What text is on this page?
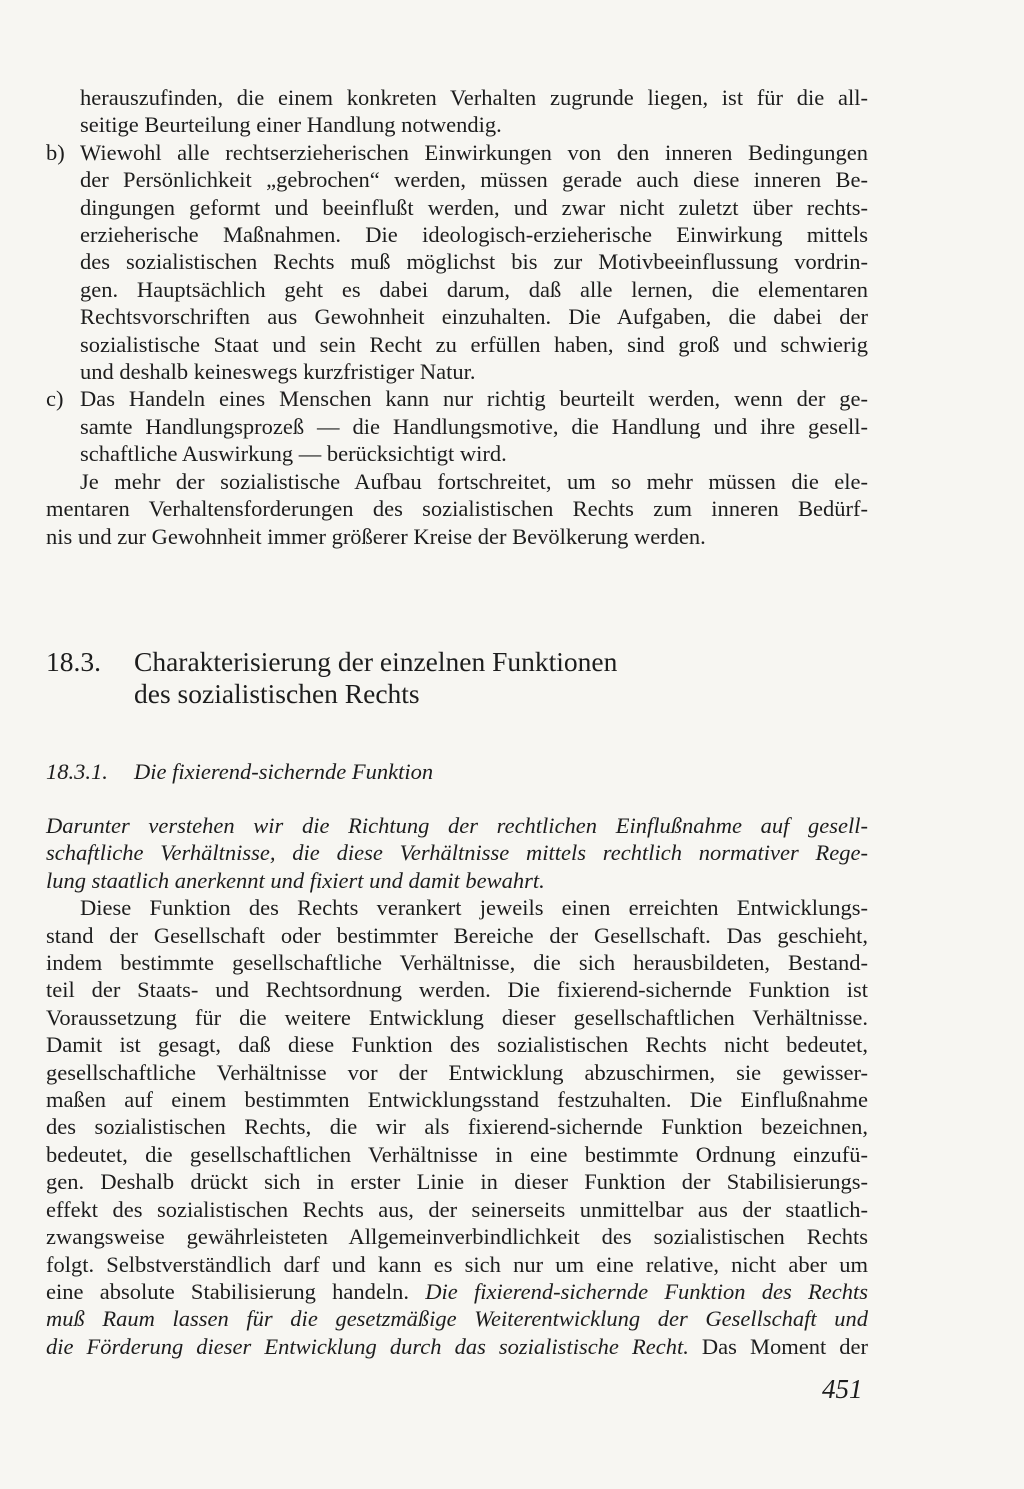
herauszufinden, die einem konkreten Verhalten zugrunde liegen, ist für die all-
seitige Beurteilung einer Handlung notwendig.
b) Wiewohl alle rechtserzieherischen Einwirkungen von den inneren Bedingungen
der Persönlichkeit „gebrochen“ werden, müssen gerade auch diese inneren Be-
dingungen geformt und beeinflußt werden, und zwar nicht zuletzt über rechts-
erzieherische Maßnahmen. Die ideologisch-erzieherische Einwirkung mittels
des sozialistischen Rechts muß möglichst bis zur Motivbeeinflussung vordrin-
gen. Hauptsächlich geht es dabei darum, daß alle lernen, die elementaren
Rechtsvorschriften aus Gewohnheit einzuhalten. Die Aufgaben, die dabei der
sozialistische Staat und sein Recht zu erfüllen haben, sind groß und schwierig
und deshalb keineswegs kurzfristiger Natur.
c) Das Handeln eines Menschen kann nur richtig beurteilt werden, wenn der ge-
samte Handlungsprozeß — die Handlungsmotive, die Handlung und ihre gesell-
schaftliche Auswirkung — berücksichtigt wird.
Je mehr der sozialistische Aufbau fortschreitet, um so mehr müssen die ele-
mentaren Verhaltensforderungen des sozialistischen Rechts zum inneren Bedürf-
nis und zur Gewohnheit immer größerer Kreise der Bevölkerung werden.
18.3.	Charakterisierung der einzelnen Funktionen
des sozialistischen Rechts
18.3.1.	Die fixierend-sichernde Funktion
Darunter verstehen wir die Richtung der rechtlichen Einflußnahme auf gesell-
schaftliche Verhältnisse, die diese Verhältnisse mittels rechtlich normativer Rege-
lung staatlich anerkennt und fixiert und damit bewahrt.
Diese Funktion des Rechts verankert jeweils einen erreichten Entwicklungs-
stand der Gesellschaft oder bestimmter Bereiche der Gesellschaft. Das geschieht,
indem bestimmte gesellschaftliche Verhältnisse, die sich herausbildeten, Bestand-
teil der Staats- und Rechtsordnung werden. Die fixierend-sichernde Funktion ist
Voraussetzung für die weitere Entwicklung dieser gesellschaftlichen Verhältnisse.
Damit ist gesagt, daß diese Funktion des sozialistischen Rechts nicht bedeutet,
gesellschaftliche Verhältnisse vor der Entwicklung abzuschirmen, sie gewisser-
maßen auf einem bestimmten Entwicklungsstand festzuhalten. Die Einflußnahme
des sozialistischen Rechts, die wir als fixierend-sichernde Funktion bezeichnen,
bedeutet, die gesellschaftlichen Verhältnisse in eine bestimmte Ordnung einzufü-
gen. Deshalb drückt sich in erster Linie in dieser Funktion der Stabilisierungs-
effekt des sozialistischen Rechts aus, der seinerseits unmittelbar aus der staatlich-
zwangsweise gewährleisteten Allgemeinverbindlichkeit des sozialistischen Rechts
folgt. Selbstverständlich darf und kann es sich nur um eine relative, nicht aber um
eine absolute Stabilisierung handeln. Die fixierend-sichernde Funktion des Rechts
muß Raum lassen für die gesetzmäßige Weiterentwicklung der Gesellschaft und
die Förderung dieser Entwicklung durch das sozialistische Recht. Das Moment der
451
